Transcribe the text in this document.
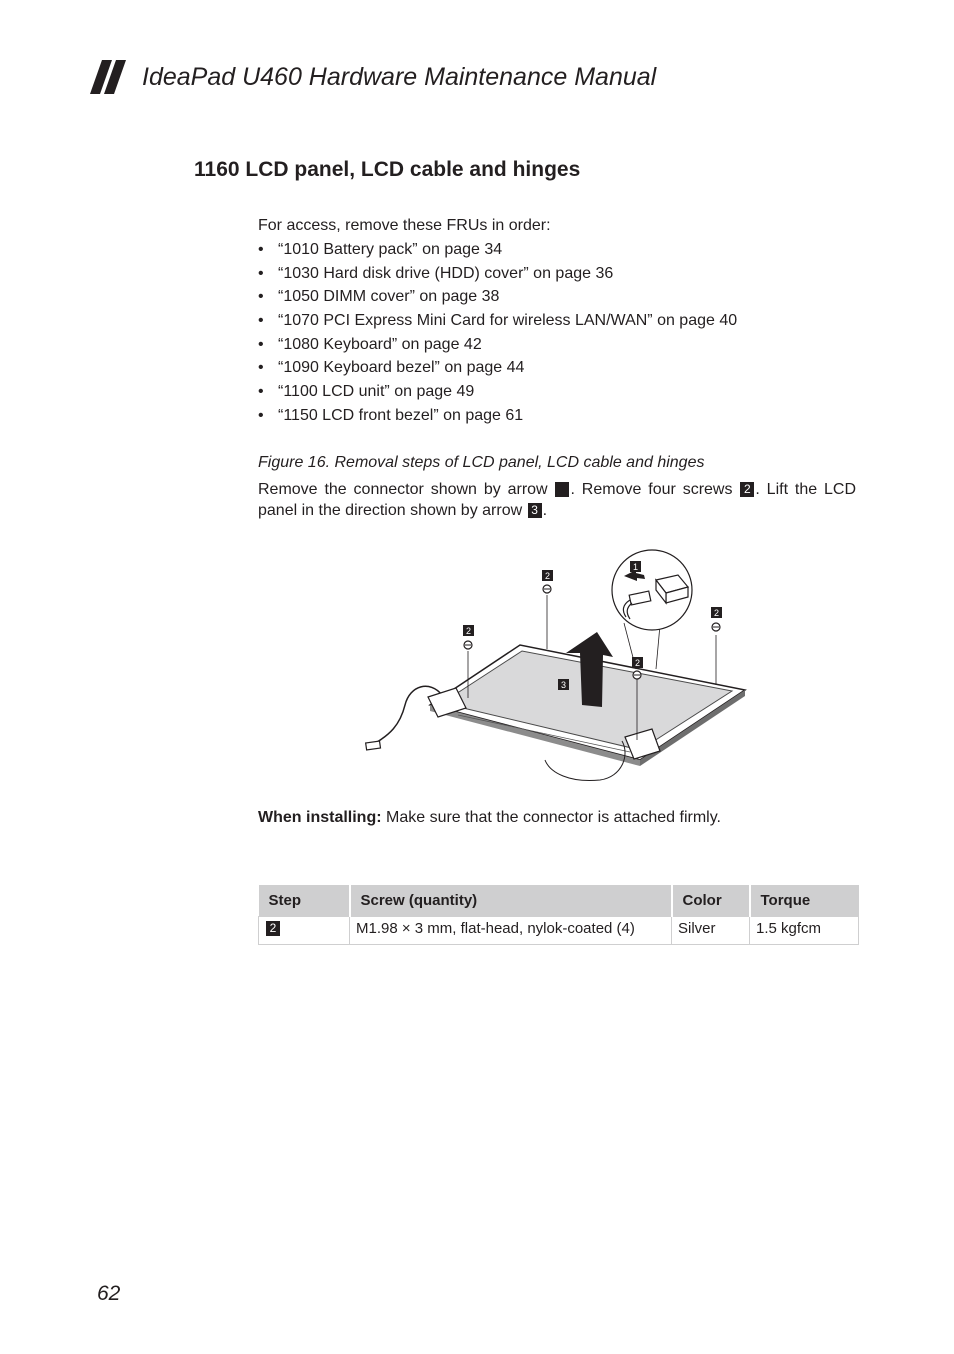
IdeaPad U460 Hardware Maintenance Manual
1160 LCD panel, LCD cable and hinges

For access, remove these FRUs in order:

• “1010 Battery pack” on page 34
• “1030 Hard disk drive (HDD) cover” on page 36
• “1050 DIMM cover” on page 38
• “1070 PCI Express Mini Card for wireless LAN/WAN” on page 40
• “1080 Keyboard” on page 42
• “1090 Keyboard bezel” on page 44
• “1100 LCD unit” on page 49
• “1150 LCD front bezel” on page 61
Figure 16. Removal steps of LCD panel, LCD cable and hinges

Remove the connector shown by arrow 1 . Remove four screws 2 . Lift the LCD panel in the direction shown by arrow 3 .

2
2
2
2
3
1

When installing: Make sure that the connector is attached firmly.

Step	Screw (quantity)	Color	Torque
2	M1.98 × 3 mm, flat-head, nylok-coated (4)	Silver	1.5 kgfcm
62
